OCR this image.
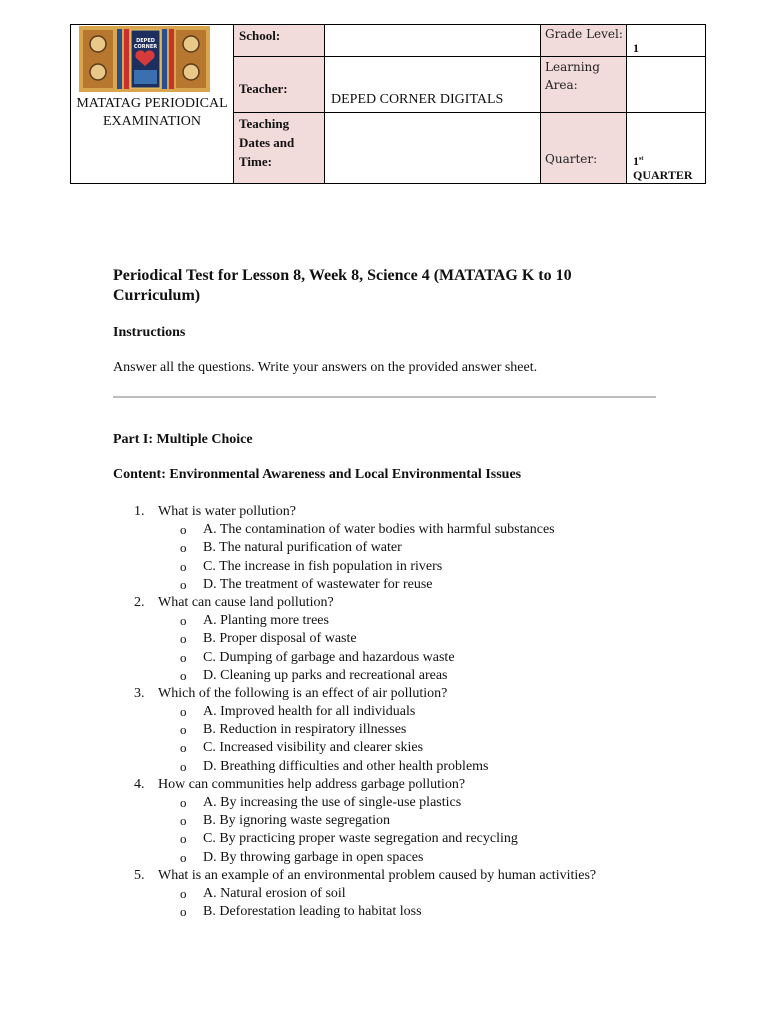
DEPED CORNER
MATATAG PERIODICAL EXAMINATION
School:
Teacher:
DEPED CORNER DIGITALS
Teaching Dates and Time:
Grade Level:
1
Learning Area:
Quarter:	1st
QUARTER
Periodical Test for Lesson 8, Week 8, Science 4 (MATATAG K to 10 Curriculum)
Instructions
Answer all the questions. Write your answers on the provided answer sheet.
Part I: Multiple Choice
Content: Environmental Awareness and Local Environmental Issues
1. What is water pollution?
o A. The contamination of water bodies with harmful substances
o B. The natural purification of water
o C. The increase in fish population in rivers
o D. The treatment of wastewater for reuse
2. What can cause land pollution?
o A. Planting more trees
o B. Proper disposal of waste
o C. Dumping of garbage and hazardous waste
o D. Cleaning up parks and recreational areas
3. Which of the following is an effect of air pollution?
o A. Improved health for all individuals
o B. Reduction in respiratory illnesses
o C. Increased visibility and clearer skies
o D. Breathing difficulties and other health problems
4. How can communities help address garbage pollution?
o A. By increasing the use of single-use plastics
o B. By ignoring waste segregation
o C. By practicing proper waste segregation and recycling
o D. By throwing garbage in open spaces
5. What is an example of an environmental problem caused by human activities?
o A. Natural erosion of soil
o B. Deforestation leading to habitat loss
